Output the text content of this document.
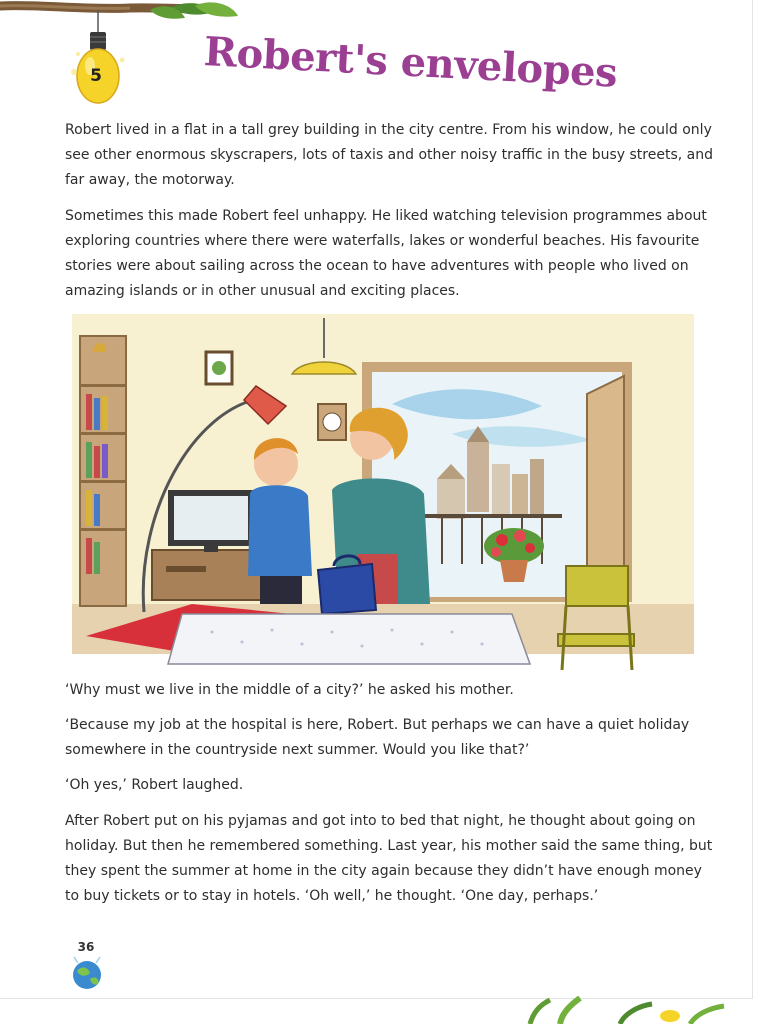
5	Robert's envelopes

Robert lived in a flat in a tall grey building in the city centre. From his window, he could only see other enormous skyscrapers, lots of taxis and other noisy traffic in the busy streets, and far away, the motorway.

Sometimes this made Robert feel unhappy. He liked watching television programmes about exploring countries where there were waterfalls, lakes or wonderful beaches. His favourite stories were about sailing across the ocean to have adventures with people who lived on amazing islands or in other unusual and exciting places.

‘Why must we live in the middle of a city?’ he asked his mother.

‘Because my job at the hospital is here, Robert. But perhaps we can have a quiet holiday somewhere in the countryside next summer. Would you like that?’

‘Oh yes,’ Robert laughed.

After Robert put on his pyjamas and got into to bed that night, he thought about going on holiday. But then he remembered something. Last year, his mother said the same thing, but they spent the summer at home in the city again because they didn’t have enough money to buy tickets or to stay in hotels. ‘Oh well,’ he thought. ‘One day, perhaps.’

36
